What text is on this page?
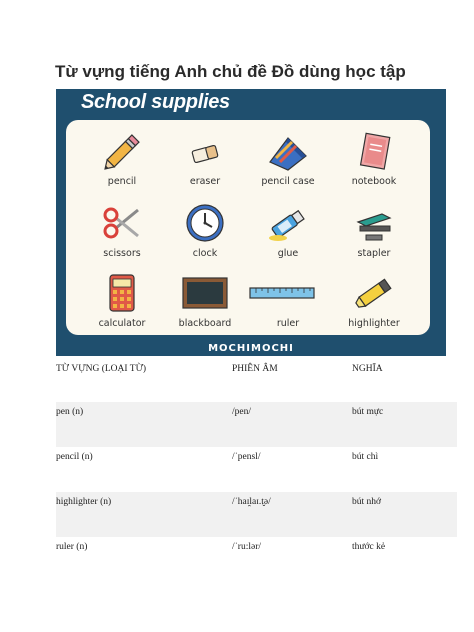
Từ vựng tiếng Anh chủ đề Đồ dùng học tập
School supplies
pencil	eraser	pencil case	notebook
scissors	clock	glue	stapler
calculator	blackboard	ruler	highlighter
MOCHIMOCHI
TỪ VỰNG (LOẠI TỪ)	PHIÊN ÂM	NGHĨA
pen (n)	/pen/	bút mực
pencil (n)	/ˈpensl/	bút chì
highlighter (n)	/ˈhaɪ̯laɪ.t̬ə/	bút nhớ
ruler (n)	/ˈru:lər/	thước kẻ
